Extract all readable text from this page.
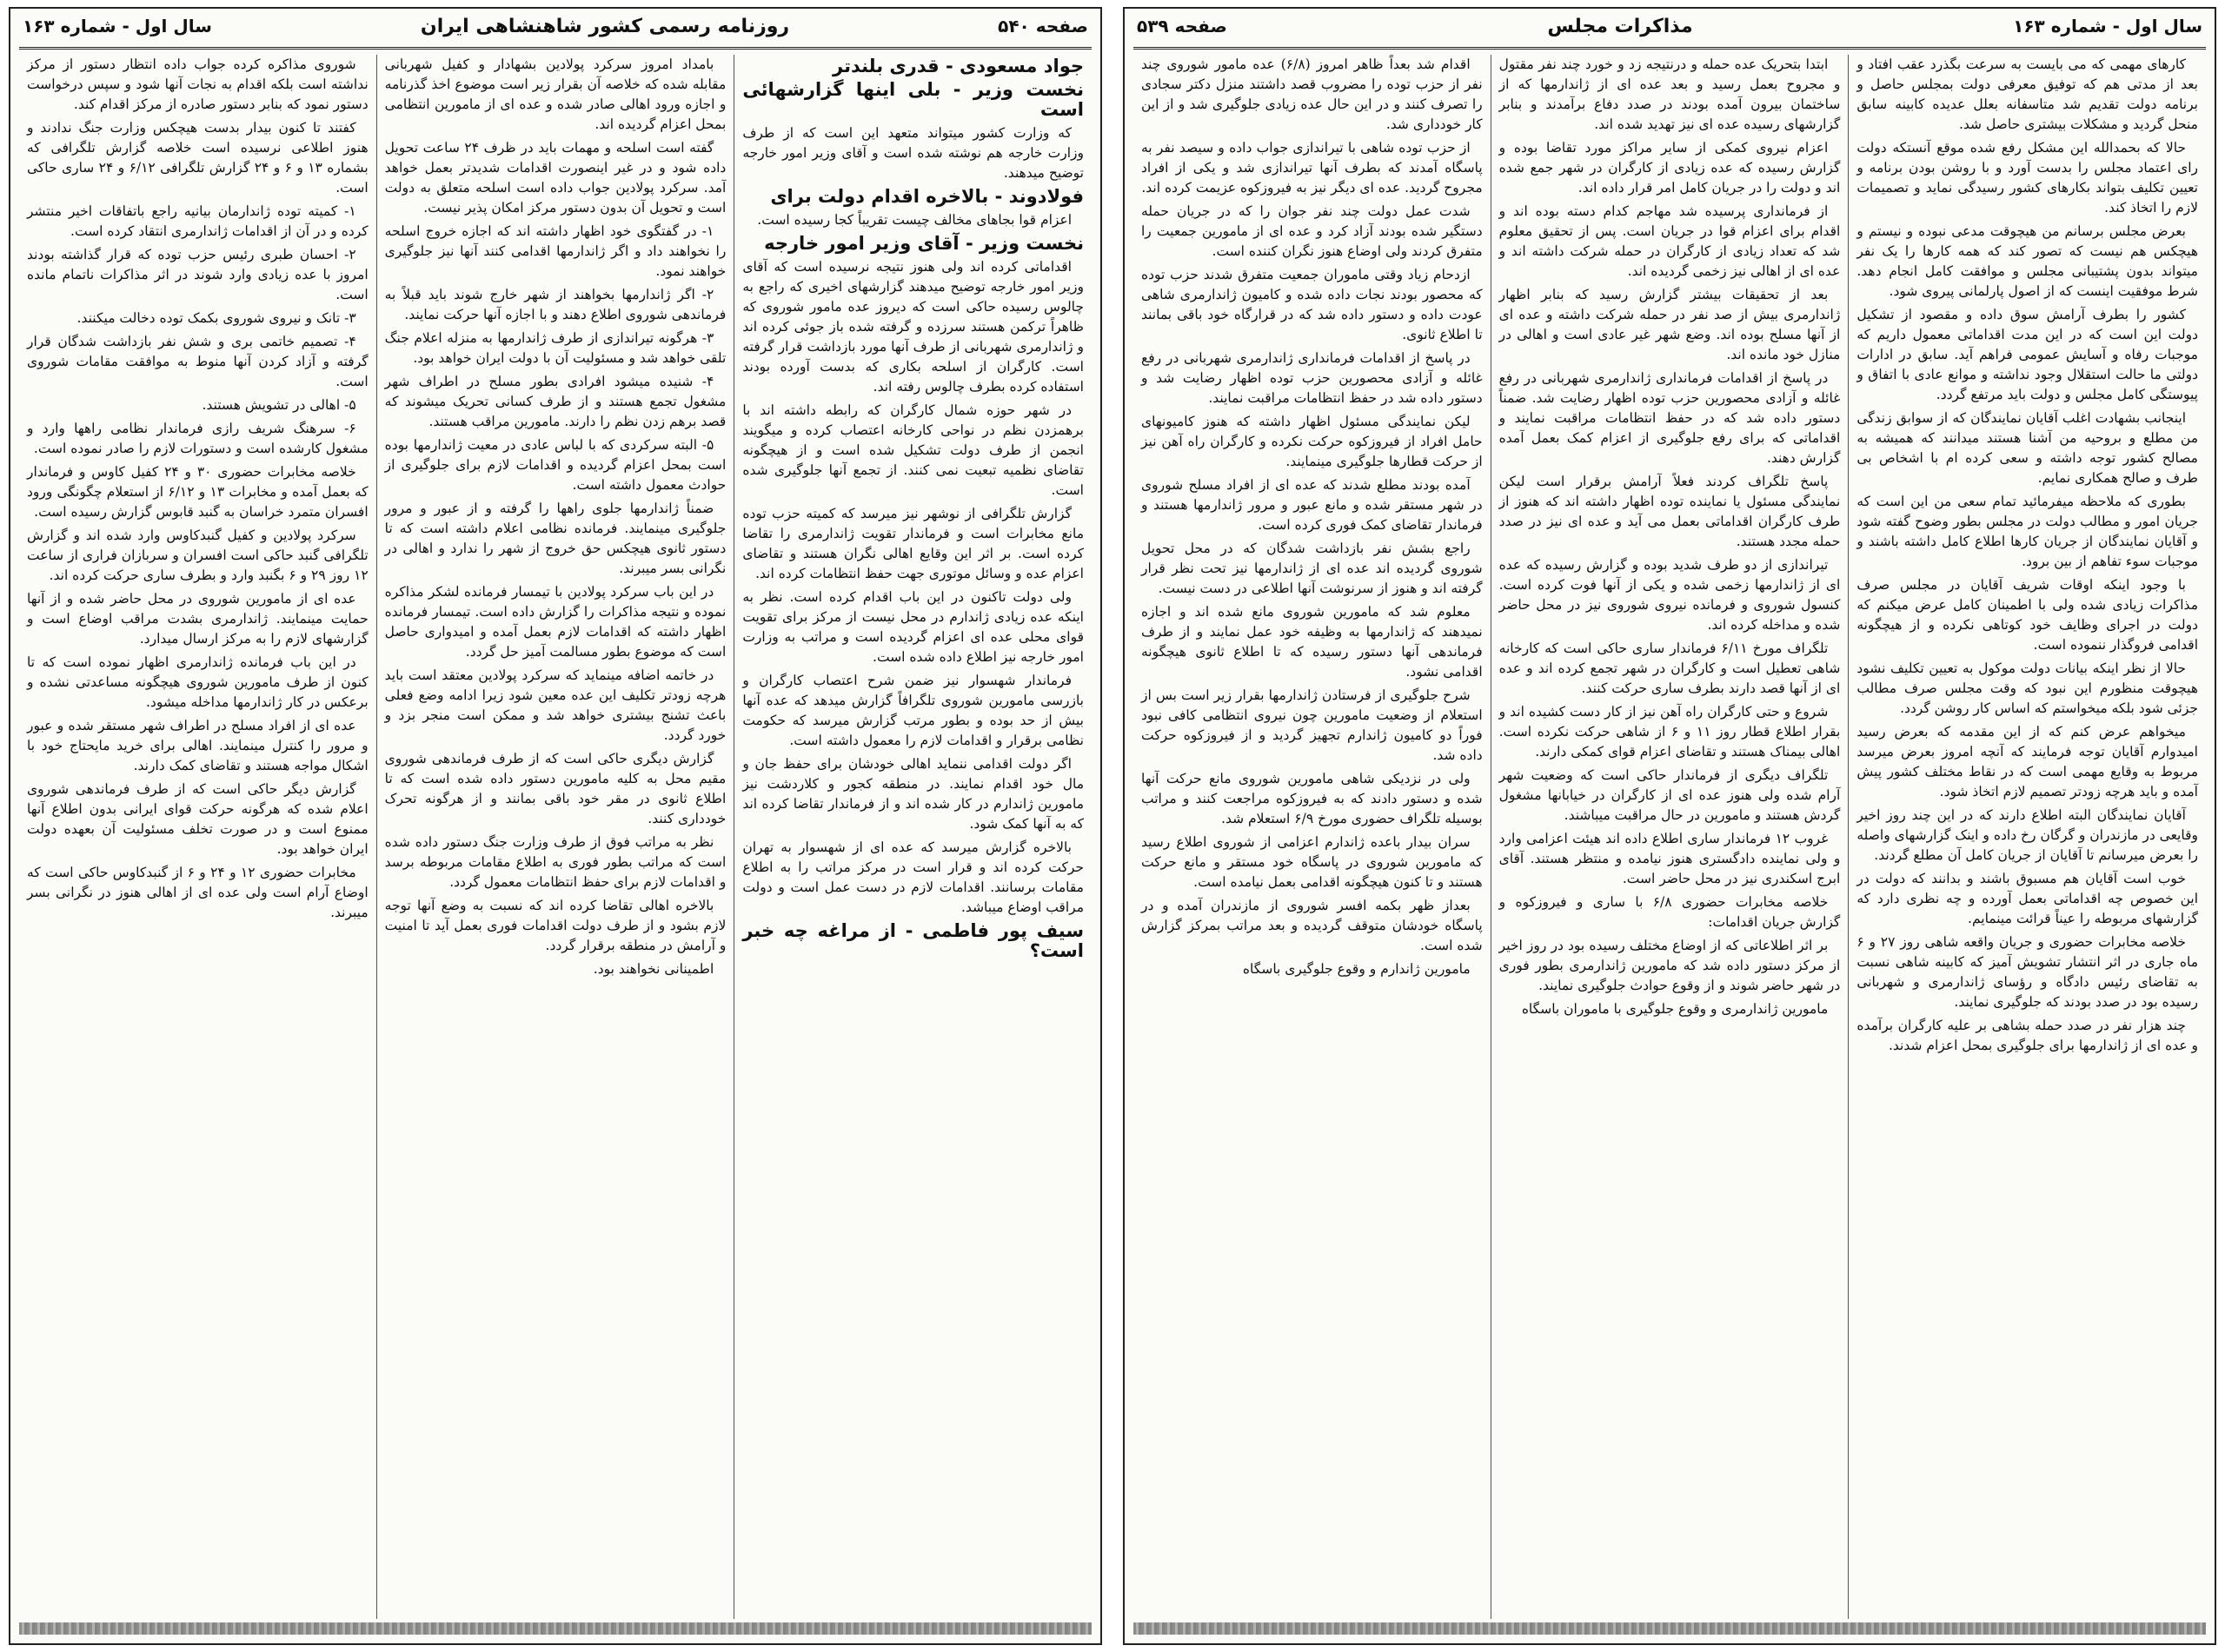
صفحه ۵۴۰
روزنامه رسمی کشور شاهنشاهی ایران
سال اول - شماره ۱۶۳
جواد مسعودی - قدری بلندتر
نخست وزیر - بلی اینها گزارشهائی است

که وزارت کشور میتواند متعهد این است که از طرف وزارت خارجه هم نوشته شده است و آقای وزیر امور خارجه توضیح میدهند.

فولادوند - بالاخره اقدام دولت برای

اعزام قوا بجاهای مخالف چیست تقریباً کجا رسیده است.

نخست وزیر - آقای وزیر امور خارجه

اقداماتی کرده اند ولی هنوز نتیجه نرسیده است که آقای وزیر امور خارجه توضیح میدهند گزارشهای اخیری که راجع به چالوس رسیده حاکی است که دیروز عده مامور شوروی که ظاهراً ترکمن هستند سرزده و گرفته شده باز جوئی کرده اند و ژاندارمری شهربانی از طرف آنها مورد بازداشت قرار گرفته است. کارگران از اسلحه بکاری که بدست آورده بودند استفاده کرده بطرف چالوس رفته اند.

در شهر حوزه شمال کارگران که رابطه داشته اند با برهمزدن نظم در نواحی کارخانه اعتصاب کرده و میگویند انجمن از طرف دولت تشکیل شده است و از هیچگونه تقاضای نظمیه تبعیت نمی کنند. از تجمع آنها جلوگیری شده است.

گزارش تلگرافی از نوشهر نیز میرسد که کمیته حزب توده مانع مخابرات است و فرماندار تقویت ژاندارمری را تقاضا کرده است. بر اثر این وقایع اهالی نگران هستند و تقاضای اعزام عده و وسائل موتوری جهت حفظ انتظامات کرده اند.

ولی دولت تاکنون در این باب اقدام کرده است. نظر به اینکه عده زیادی ژاندارم در محل نیست از مرکز برای تقویت قوای محلی عده ای اعزام گردیده است و مراتب به وزارت امور خارجه نیز اطلاع داده شده است.

فرماندار شهسوار نیز ضمن شرح اعتصاب کارگران و بازرسی مامورین شوروی تلگرافاً گزارش میدهد که عده آنها بیش از حد بوده و بطور مرتب گزارش میرسد که حکومت نظامی برقرار و اقدامات لازم را معمول داشته است.

اگر دولت اقدامی ننماید اهالی خودشان برای حفظ جان و مال خود اقدام نمایند. در منطقه کجور و کلاردشت نیز مامورین ژاندارم در کار شده اند و از فرماندار تقاضا کرده اند که به آنها کمک شود.

بالاخره گزارش میرسد که عده ای از شهسوار به تهران حرکت کرده اند و قرار است در مرکز مراتب را به اطلاع مقامات برسانند. اقدامات لازم در دست عمل است و دولت مراقب اوضاع میباشد.

سیف پور فاطمی - از مراغه چه خبر است؟

بامداد امروز سرکرد پولادین بشهادار و کفیل شهربانی مقابله شده که خلاصه آن بقرار زیر است موضوع اخذ گذرنامه و اجازه ورود اهالی صادر شده و عده ای از مامورین انتظامی بمحل اعزام گردیده اند.

گفته است اسلحه و مهمات باید در ظرف ۲۴ ساعت تحویل داده شود و در غیر اینصورت اقدامات شدیدتر بعمل خواهد آمد. سرکرد پولادین جواب داده است اسلحه متعلق به دولت است و تحویل آن بدون دستور مرکز امکان پذیر نیست.

۱- در گفتگوی خود اظهار داشته اند که اجازه خروج اسلحه را نخواهند داد و اگر ژاندارمها اقدامی کنند آنها نیز جلوگیری خواهند نمود.

۲- اگر ژاندارمها بخواهند از شهر خارج شوند باید قبلاً به فرماندهی شوروی اطلاع دهند و با اجازه آنها حرکت نمایند.

۳- هرگونه تیراندازی از طرف ژاندارمها به منزله اعلام جنگ تلقی خواهد شد و مسئولیت آن با دولت ایران خواهد بود.

۴- شنیده میشود افرادی بطور مسلح در اطراف شهر مشغول تجمع هستند و از طرف کسانی تحریک میشوند که قصد برهم زدن نظم را دارند. مامورین مراقب هستند.

۵- البته سرکردی که با لباس عادی در معیت ژاندارمها بوده است بمحل اعزام گردیده و اقدامات لازم برای جلوگیری از حوادث معمول داشته است.

ضمناً ژاندارمها جلوی راهها را گرفته و از عبور و مرور جلوگیری مینمایند. فرمانده نظامی اعلام داشته است که تا دستور ثانوی هیچکس حق خروج از شهر را ندارد و اهالی در نگرانی بسر میبرند.

در این باب سرکرد پولادین با تیمسار فرمانده لشکر مذاکره نموده و نتیجه مذاکرات را گزارش داده است. تیمسار فرمانده اظهار داشته که اقدامات لازم بعمل آمده و امیدواری حاصل است که موضوع بطور مسالمت آمیز حل گردد.

در خاتمه اضافه مینماید که سرکرد پولادین معتقد است باید هرچه زودتر تکلیف این عده معین شود زیرا ادامه وضع فعلی باعث تشنج بیشتری خواهد شد و ممکن است منجر بزد و خورد گردد.

گزارش دیگری حاکی است که از طرف فرماندهی شوروی مقیم محل به کلیه مامورین دستور داده شده است که تا اطلاع ثانوی در مقر خود باقی بمانند و از هرگونه تحرک خودداری کنند.

نظر به مراتب فوق از طرف وزارت جنگ دستور داده شده است که مراتب بطور فوری به اطلاع مقامات مربوطه برسد و اقدامات لازم برای حفظ انتظامات معمول گردد.

بالاخره اهالی تقاضا کرده اند که نسبت به وضع آنها توجه لازم بشود و از طرف دولت اقدامات فوری بعمل آید تا امنیت و آرامش در منطقه برقرار گردد.

اطمینانی نخواهند بود.

شوروی مذاکره کرده جواب داده انتظار دستور از مرکز نداشته است بلکه اقدام به نجات آنها شود و سپس درخواست دستور نمود که بنابر دستور صادره از مرکز اقدام کند.

کفتند تا کنون بیدار بدست هیچکس وزارت جنگ ندادند و هنوز اطلاعی نرسیده است خلاصه گزارش تلگرافی که بشماره ۱۳ و ۶ و ۲۴ گزارش تلگرافی ۶/۱۲ و ۲۴ ساری حاکی است.

۱- کمیته توده ژاندارمان بیانیه راجع باتفاقات اخیر منتشر کرده و در آن از اقدامات ژاندارمری انتقاد کرده است.

۲- احسان طبری رئیس حزب توده که قرار گذاشته بودند امروز با عده زیادی وارد شوند در اثر مذاکرات ناتمام مانده است.

۳- تانک و نیروی شوروی بکمک توده دخالت میکنند.

۴- تصمیم خاتمی بری و شش نفر بازداشت شدگان قرار گرفته و آزاد کردن آنها منوط به موافقت مقامات شوروی است.

۵- اهالی در تشویش هستند.

۶- سرهنگ شریف رازی فرماندار نظامی راهها وارد و مشغول کارشده است و دستورات لازم را صادر نموده است.

خلاصه مخابرات حضوری ۳۰ و ۲۴ کفیل کاوس و فرماندار که بعمل آمده و مخابرات ۱۳ و ۶/۱۲ از استعلام چگونگی ورود افسران متمرد خراسان به گنبد قابوس گزارش رسیده است.

سرکرد پولادین و کفیل گنبدکاوس وارد شده اند و گزارش تلگرافی گنبد حاکی است افسران و سربازان فراری از ساعت ۱۲ روز ۲۹ و ۶ بگنبد وارد و بطرف ساری حرکت کرده اند.

عده ای از مامورین شوروی در محل حاضر شده و از آنها حمایت مینمایند. ژاندارمری بشدت مراقب اوضاع است و گزارشهای لازم را به مرکز ارسال میدارد.

در این باب فرمانده ژاندارمری اظهار نموده است که تا کنون از طرف مامورین شوروی هیچگونه مساعدتی نشده و برعکس در کار ژاندارمها مداخله میشود.

عده ای از افراد مسلح در اطراف شهر مستقر شده و عبور و مرور را کنترل مینمایند. اهالی برای خرید مایحتاج خود با اشکال مواجه هستند و تقاضای کمک دارند.

گزارش دیگر حاکی است که از طرف فرماندهی شوروی اعلام شده که هرگونه حرکت قوای ایرانی بدون اطلاع آنها ممنوع است و در صورت تخلف مسئولیت آن بعهده دولت ایران خواهد بود.

مخابرات حضوری ۱۲ و ۲۴ و ۶ از گنبدکاوس حاکی است که اوضاع آرام است ولی عده ای از اهالی هنوز در نگرانی بسر میبرند.

سال اول - شماره ۱۶۳
مذاکرات مجلس
صفحه ۵۳۹

کارهای مهمی که می بایست به سرعت بگذرد عقب افتاد و بعد از مدتی هم که توفیق معرفی دولت بمجلس حاصل و برنامه دولت تقدیم شد متاسفانه بعلل عدیده کابینه سابق منحل گردید و مشکلات بیشتری حاصل شد.

حالا که بحمدالله این مشکل رفع شده موقع آنستکه دولت رای اعتماد مجلس را بدست آورد و با روشن بودن برنامه و تعیین تکلیف بتواند بکارهای کشور رسیدگی نماید و تصمیمات لازم را اتخاذ کند.

بعرض مجلس برسانم من هیچوقت مدعی نبوده و نیستم و هیچکس هم نیست که تصور کند که همه کارها را یک نفر میتواند بدون پشتیبانی مجلس و موافقت کامل انجام دهد. شرط موفقیت اینست که از اصول پارلمانی پیروی شود.

کشور را بطرف آرامش سوق داده و مقصود از تشکیل دولت این است که در این مدت اقداماتی معمول داریم که موجبات رفاه و آسایش عمومی فراهم آید. سابق در ادارات دولتی ما حالت استقلال وجود نداشته و موانع عادی با اتفاق و پیوستگی کامل مجلس و دولت باید مرتفع گردد.

اینجانب بشهادت اغلب آقایان نمایندگان که از سوابق زندگی من مطلع و بروحیه من آشنا هستند میدانند که همیشه به مصالح کشور توجه داشته و سعی کرده ام با اشخاص بی طرف و صالح همکاری نمایم.

بطوری که ملاحظه میفرمائید تمام سعی من این است که جریان امور و مطالب دولت در مجلس بطور وضوح گفته شود و آقایان نمایندگان از جریان کارها اطلاع کامل داشته باشند و موجبات سوء تفاهم از بین برود.

با وجود اینکه اوقات شریف آقایان در مجلس صرف مذاکرات زیادی شده ولی با اطمینان کامل عرض میکنم که دولت در اجرای وظایف خود کوتاهی نکرده و از هیچگونه اقدامی فروگذار ننموده است.

حالا از نظر اینکه بیانات دولت موکول به تعیین تکلیف نشود هیچوقت منظورم این نبود که وقت مجلس صرف مطالب جزئی شود بلکه میخواستم که اساس کار روشن گردد.

میخواهم عرض کنم که از این مقدمه که بعرض رسید امیدوارم آقایان توجه فرمایند که آنچه امروز بعرض میرسد مربوط به وقایع مهمی است که در نقاط مختلف کشور پیش آمده و باید هرچه زودتر تصمیم لازم اتخاذ شود.

آقایان نمایندگان البته اطلاع دارند که در این چند روز اخیر وقایعی در مازندران و گرگان رخ داده و اینک گزارشهای واصله را بعرض میرسانم تا آقایان از جریان کامل آن مطلع گردند.

خوب است آقایان هم مسبوق باشند و بدانند که دولت در این خصوص چه اقداماتی بعمل آورده و چه نظری دارد که گزارشهای مربوطه را عیناً قرائت مینمایم.

خلاصه مخابرات حضوری و جریان واقعه شاهی روز ۲۷ و ۶ ماه جاری در اثر انتشار تشویش آمیز که کابینه شاهی نسبت به تقاضای رئیس دادگاه و رؤسای ژاندارمری و شهربانی رسیده بود در صدد بودند که جلوگیری نمایند.

چند هزار نفر در صدد حمله بشاهی بر علیه کارگران برآمده و عده ای از ژاندارمها برای جلوگیری بمحل اعزام شدند.

ابتدا بتحریک عده حمله و درنتیجه زد و خورد چند نفر مقتول و مجروح بعمل رسید و بعد عده ای از ژاندارمها که از ساختمان بیرون آمده بودند در صدد دفاع برآمدند و بنابر گزارشهای رسیده عده ای نیز تهدید شده اند.

اعزام نیروی کمکی از سایر مراکز مورد تقاضا بوده و گزارش رسیده که عده زیادی از کارگران در شهر جمع شده اند و دولت را در جریان کامل امر قرار داده اند.

از فرمانداری پرسیده شد مهاجم کدام دسته بوده اند و اقدام برای اعزام قوا در جریان است. پس از تحقیق معلوم شد که تعداد زیادی از کارگران در حمله شرکت داشته اند و عده ای از اهالی نیز زخمی گردیده اند.

بعد از تحقیقات بیشتر گزارش رسید که بنابر اظهار ژاندارمری بیش از صد نفر در حمله شرکت داشته و عده ای از آنها مسلح بوده اند. وضع شهر غیر عادی است و اهالی در منازل خود مانده اند.

در پاسخ از اقدامات فرمانداری ژاندارمری شهربانی در رفع غائله و آزادی محصورین حزب توده اظهار رضایت شد. ضمناً دستور داده شد که در حفظ انتظامات مراقبت نمایند و اقداماتی که برای رفع جلوگیری از اعزام کمک بعمل آمده گزارش دهند.

پاسخ تلگراف کردند فعلاً آرامش برقرار است لیکن نمایندگی مسئول یا نماینده توده اظهار داشته اند که هنوز از طرف کارگران اقداماتی بعمل می آید و عده ای نیز در صدد حمله مجدد هستند.

تیراندازی از دو طرف شدید بوده و گزارش رسیده که عده ای از ژاندارمها زخمی شده و یکی از آنها فوت کرده است. کنسول شوروی و فرمانده نیروی شوروی نیز در محل حاضر شده و مداخله کرده اند.

تلگراف مورخ ۶/۱۱ فرماندار ساری حاکی است که کارخانه شاهی تعطیل است و کارگران در شهر تجمع کرده اند و عده ای از آنها قصد دارند بطرف ساری حرکت کنند.

شروع و حتی کارگران راه آهن نیز از کار دست کشیده اند و بقرار اطلاع قطار روز ۱۱ و ۶ از شاهی حرکت نکرده است. اهالی بیمناک هستند و تقاضای اعزام قوای کمکی دارند.

تلگراف دیگری از فرماندار حاکی است که وضعیت شهر آرام شده ولی هنوز عده ای از کارگران در خیابانها مشغول گردش هستند و مامورین در حال مراقبت میباشند.

غروب ۱۲ فرماندار ساری اطلاع داده اند هیئت اعزامی وارد و ولی نماینده دادگستری هنوز نیامده و منتظر هستند. آقای ابرج اسکندری نیز در محل حاضر است.

خلاصه مخابرات حضوری ۶/۸ با ساری و فیروزکوه و گزارش جریان اقدامات:

بر اثر اطلاعاتی که از اوضاع مختلف رسیده بود در روز اخیر از مرکز دستور داده شد که مامورین ژاندارمری بطور فوری در شهر حاضر شوند و از وقوع حوادث جلوگیری نمایند.

مامورین ژاندارمری و وقوع جلوگیری با ماموران باسگاه

اقدام شد بعداً ظاهر امروز (۶/۸) عده مامور شوروی چند نفر از حزب توده را مضروب قصد داشتند منزل دکتر سجادی را تصرف کنند و در این حال عده زیادی جلوگیری شد و از این کار خودداری شد.

از حزب توده شاهی با تیراندازی جواب داده و سیصد نفر به پاسگاه آمدند که بطرف آنها تیراندازی شد و یکی از افراد مجروح گردید. عده ای دیگر نیز به فیروزکوه عزیمت کرده اند.

شدت عمل دولت چند نفر جوان را که در جریان حمله دستگیر شده بودند آزاد کرد و عده ای از مامورین جمعیت را متفرق کردند ولی اوضاع هنوز نگران کننده است.

ازدحام زیاد وقتی ماموران جمعیت متفرق شدند حزب توده که محصور بودند نجات داده شده و کامیون ژاندارمری شاهی عودت داده و دستور داده شد که در قرارگاه خود باقی بمانند تا اطلاع ثانوی.

در پاسخ از اقدامات فرمانداری ژاندارمری شهربانی در رفع غائله و آزادی محصورین حزب توده اظهار رضایت شد و دستور داده شد در حفظ انتظامات مراقبت نمایند.

لیکن نمایندگی مسئول اظهار داشته که هنوز کامیونهای حامل افراد از فیروزکوه حرکت نکرده و کارگران راه آهن نیز از حرکت قطارها جلوگیری مینمایند.

آمده بودند مطلع شدند که عده ای از افراد مسلح شوروی در شهر مستقر شده و مانع عبور و مرور ژاندارمها هستند و فرماندار تقاضای کمک فوری کرده است.

راجع بشش نفر بازداشت شدگان که در محل تحویل شوروی گردیده اند عده ای از ژاندارمها نیز تحت نظر قرار گرفته اند و هنوز از سرنوشت آنها اطلاعی در دست نیست.

معلوم شد که مامورین شوروی مانع شده اند و اجازه نمیدهند که ژاندارمها به وظیفه خود عمل نمایند و از طرف فرماندهی آنها دستور رسیده که تا اطلاع ثانوی هیچگونه اقدامی نشود.

شرح جلوگیری از فرستادن ژاندارمها بقرار زیر است بس از استعلام از وضعیت مامورین چون نیروی انتظامی کافی نبود فوراً دو کامیون ژاندارم تجهیز گردید و از فیروزکوه حرکت داده شد.

ولی در نزدیکی شاهی مامورین شوروی مانع حرکت آنها شده و دستور دادند که به فیروزکوه مراجعت کنند و مراتب بوسیله تلگراف حضوری مورخ ۶/۹ استعلام شد.

سران بیدار باعده ژاندارم اعزامی از شوروی اطلاع رسید که مامورین شوروی در پاسگاه خود مستقر و مانع حرکت هستند و تا کنون هیچگونه اقدامی بعمل نیامده است.

بعداز ظهر بکمه افسر شوروی از مازندران آمده و در پاسگاه خودشان متوقف گردیده و بعد مراتب بمرکز گزارش شده است.

مامورین ژاندارم و وقوع جلوگیری باسگاه
